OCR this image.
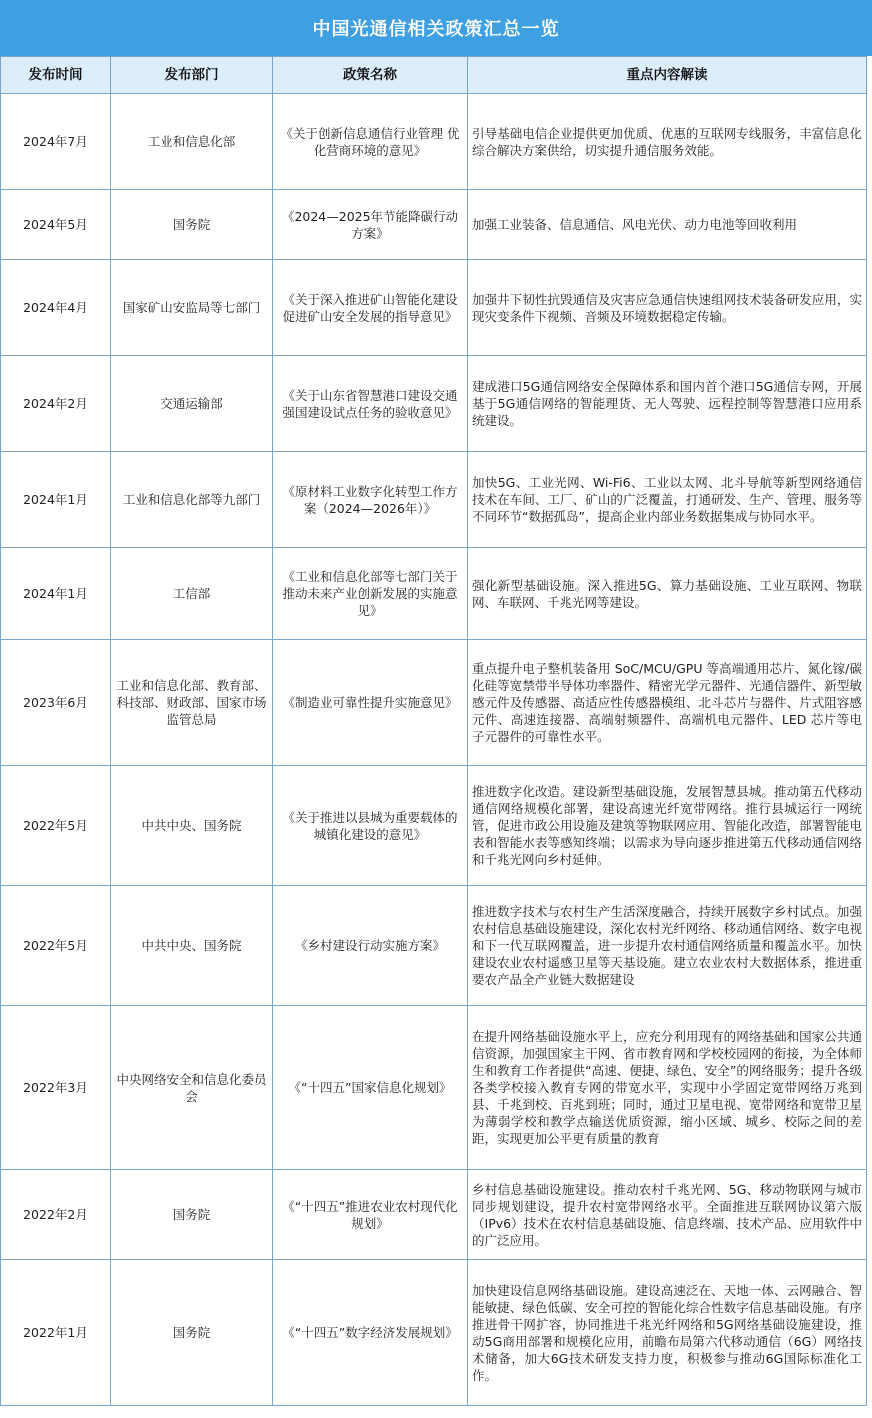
中国光通信相关政策汇总一览
发布时间	发布部门	政策名称	重点内容解读
2024年7月	工业和信息化部	《关于创新信息通信行业管理 优化营商环境的意见》	引导基础电信企业提供更加优质、优惠的互联网专线服务，丰富信息化综合解决方案供给，切实提升通信服务效能。
2024年5月	国务院	《2024—2025年节能降碳行动方案》	加强工业装备、信息通信、风电光伏、动力电池等回收利用
2024年4月	国家矿山安监局等七部门	《关于深入推进矿山智能化建设促进矿山安全发展的指导意见》	加强井下韧性抗毁通信及灾害应急通信快速组网技术装备研发应用，实现灾变条件下视频、音频及环境数据稳定传输。
2024年2月	交通运输部	《关于山东省智慧港口建设交通强国建设试点任务的验收意见》	建成港口5G通信网络安全保障体系和国内首个港口5G通信专网，开展基于5G通信网络的智能理货、无人驾驶、远程控制等智慧港口应用系统建设。
2024年1月	工业和信息化部等九部门	《原材料工业数字化转型工作方案（2024—2026年）》	加快5G、工业光网、Wi-Fi6、工业以太网、北斗导航等新型网络通信技术在车间、工厂、矿山的广泛覆盖，打通研发、生产、管理、服务等不同环节“数据孤岛”，提高企业内部业务数据集成与协同水平。
2024年1月	工信部	《工业和信息化部等七部门关于推动未来产业创新发展的实施意见》	强化新型基础设施。深入推进5G、算力基础设施、工业互联网、物联网、车联网、千兆光网等建设。
2023年6月	工业和信息化部、教育部、科技部、财政部、国家市场监管总局	《制造业可靠性提升实施意见》	重点提升电子整机装备用 SoC/MCU/GPU 等高端通用芯片、氮化镓/碳化硅等宽禁带半导体功率器件、精密光学元器件、光通信器件、新型敏感元件及传感器、高适应性传感器模组、北斗芯片与器件、片式阻容感元件、高速连接器、高端射频器件、高端机电元器件、LED 芯片等电子元器件的可靠性水平。
2022年5月	中共中央、国务院	《关于推进以县城为重要载体的城镇化建设的意见》	推进数字化改造。建设新型基础设施，发展智慧县城。推动第五代移动通信网络规模化部署，建设高速光纤宽带网络。推行县城运行一网统管，促进市政公用设施及建筑等物联网应用、智能化改造，部署智能电表和智能水表等感知终端；以需求为导向逐步推进第五代移动通信网络和千兆光网向乡村延伸。
2022年5月	中共中央、国务院	《乡村建设行动实施方案》	推进数字技术与农村生产生活深度融合，持续开展数字乡村试点。加强农村信息基础设施建设，深化农村光纤网络、移动通信网络、数字电视和下一代互联网覆盖，进一步提升农村通信网络质量和覆盖水平。加快建设农业农村遥感卫星等天基设施。建立农业农村大数据体系，推进重要农产品全产业链大数据建设
2022年3月	中央网络安全和信息化委员会	《“十四五”国家信息化规划》	在提升网络基础设施水平上，应充分利用现有的网络基础和国家公共通信资源，加强国家主干网、省市教育网和学校校园网的衔接，为全体师生和教育工作者提供“高速、便捷、绿色、安全”的网络服务；提升各级各类学校接入教育专网的带宽水平，实现中小学固定宽带网络万兆到县、千兆到校、百兆到班；同时，通过卫星电视、宽带网络和宽带卫星为薄弱学校和教学点输送优质资源，缩小区域、城乡、校际之间的差距，实现更加公平更有质量的教育
2022年2月	国务院	《“十四五”推进农业农村现代化规划》	乡村信息基础设施建设。推动农村千兆光网、5G、移动物联网与城市同步规划建设，提升农村宽带网络水平。全面推进互联网协议第六版（IPv6）技术在农村信息基础设施、信息终端、技术产品、应用软件中的广泛应用。
2022年1月	国务院	《“十四五”数字经济发展规划》	加快建设信息网络基础设施。建设高速泛在、天地一体、云网融合、智能敏捷、绿色低碳、安全可控的智能化综合性数字信息基础设施。有序推进骨干网扩容，协同推进千兆光纤网络和5G网络基础设施建设，推动5G商用部署和规模化应用，前瞻布局第六代移动通信（6G）网络技术储备，加大6G技术研发支持力度，积极参与推动6G国际标准化工作。
